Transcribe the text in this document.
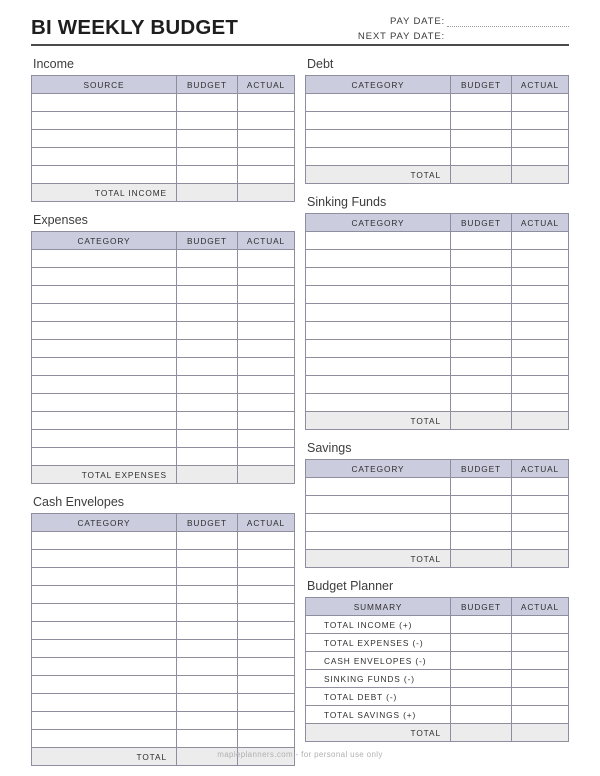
BI WEEKLY BUDGET	PAY DATE:
NEXT PAY DATE:
Income
SOURCE	BUDGET	ACTUAL

TOTAL INCOME		
Expenses
CATEGORY	BUDGET	ACTUAL

TOTAL EXPENSES		
Cash Envelopes
CATEGORY	BUDGET	ACTUAL

TOTAL		
Debt
CATEGORY	BUDGET	ACTUAL

TOTAL		
Sinking Funds
CATEGORY	BUDGET	ACTUAL

TOTAL		
Savings
CATEGORY	BUDGET	ACTUAL

TOTAL		
Budget Planner
SUMMARY	BUDGET	ACTUAL
TOTAL INCOME (+)		
TOTAL EXPENSES (-)		
CASH ENVELOPES (-)		
SINKING FUNDS (-)		
TOTAL DEBT (-)		
TOTAL SAVINGS (+)		
TOTAL		
mapleplanners.com - for personal use only
